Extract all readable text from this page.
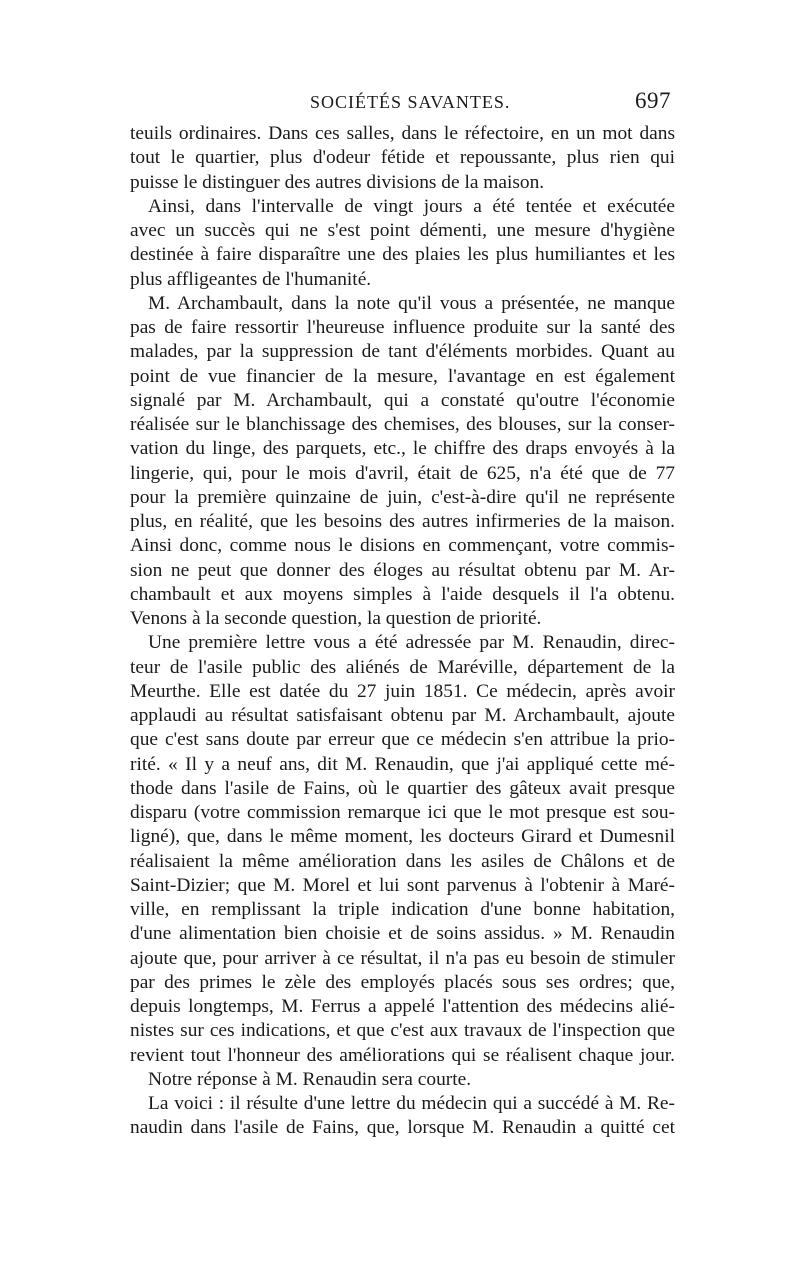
SOCIÉTÉS SAVANTES.	697
teuils ordinaires. Dans ces salles, dans le réfectoire, en un mot dans
tout le quartier, plus d'odeur fétide et repoussante, plus rien qui
puisse le distinguer des autres divisions de la maison.
Ainsi, dans l'intervalle de vingt jours a été tentée et exécutée
avec un succès qui ne s'est point démenti, une mesure d'hygiène
destinée à faire disparaître une des plaies les plus humiliantes et les
plus affligeantes de l'humanité.
M. Archambault, dans la note qu'il vous a présentée, ne manque
pas de faire ressortir l'heureuse influence produite sur la santé des
malades, par la suppression de tant d'éléments morbides. Quant au
point de vue financier de la mesure, l'avantage en est également
signalé par M. Archambault, qui a constaté qu'outre l'économie
réalisée sur le blanchissage des chemises, des blouses, sur la conser-
vation du linge, des parquets, etc., le chiffre des draps envoyés à la
lingerie, qui, pour le mois d'avril, était de 625, n'a été que de 77
pour la première quinzaine de juin, c'est-à-dire qu'il ne représente
plus, en réalité, que les besoins des autres infirmeries de la maison.
Ainsi donc, comme nous le disions en commençant, votre commis-
sion ne peut que donner des éloges au résultat obtenu par M. Ar-
chambault et aux moyens simples à l'aide desquels il l'a obtenu.
Venons à la seconde question, la question de priorité.
Une première lettre vous a été adressée par M. Renaudin, direc-
teur de l'asile public des aliénés de Maréville, département de la
Meurthe. Elle est datée du 27 juin 1851. Ce médecin, après avoir
applaudi au résultat satisfaisant obtenu par M. Archambault, ajoute
que c'est sans doute par erreur que ce médecin s'en attribue la prio-
rité. « Il y a neuf ans, dit M. Renaudin, que j'ai appliqué cette mé-
thode dans l'asile de Fains, où le quartier des gâteux avait presque
disparu (votre commission remarque ici que le mot presque est sou-
ligné), que, dans le même moment, les docteurs Girard et Dumesnil
réalisaient la même amélioration dans les asiles de Châlons et de
Saint-Dizier; que M. Morel et lui sont parvenus à l'obtenir à Maré-
ville, en remplissant la triple indication d'une bonne habitation,
d'une alimentation bien choisie et de soins assidus. » M. Renaudin
ajoute que, pour arriver à ce résultat, il n'a pas eu besoin de stimuler
par des primes le zèle des employés placés sous ses ordres; que,
depuis longtemps, M. Ferrus a appelé l'attention des médecins alié-
nistes sur ces indications, et que c'est aux travaux de l'inspection que
revient tout l'honneur des améliorations qui se réalisent chaque jour.
Notre réponse à M. Renaudin sera courte.
La voici : il résulte d'une lettre du médecin qui a succédé à M. Re-
naudin dans l'asile de Fains, que, lorsque M. Renaudin a quitté cet
